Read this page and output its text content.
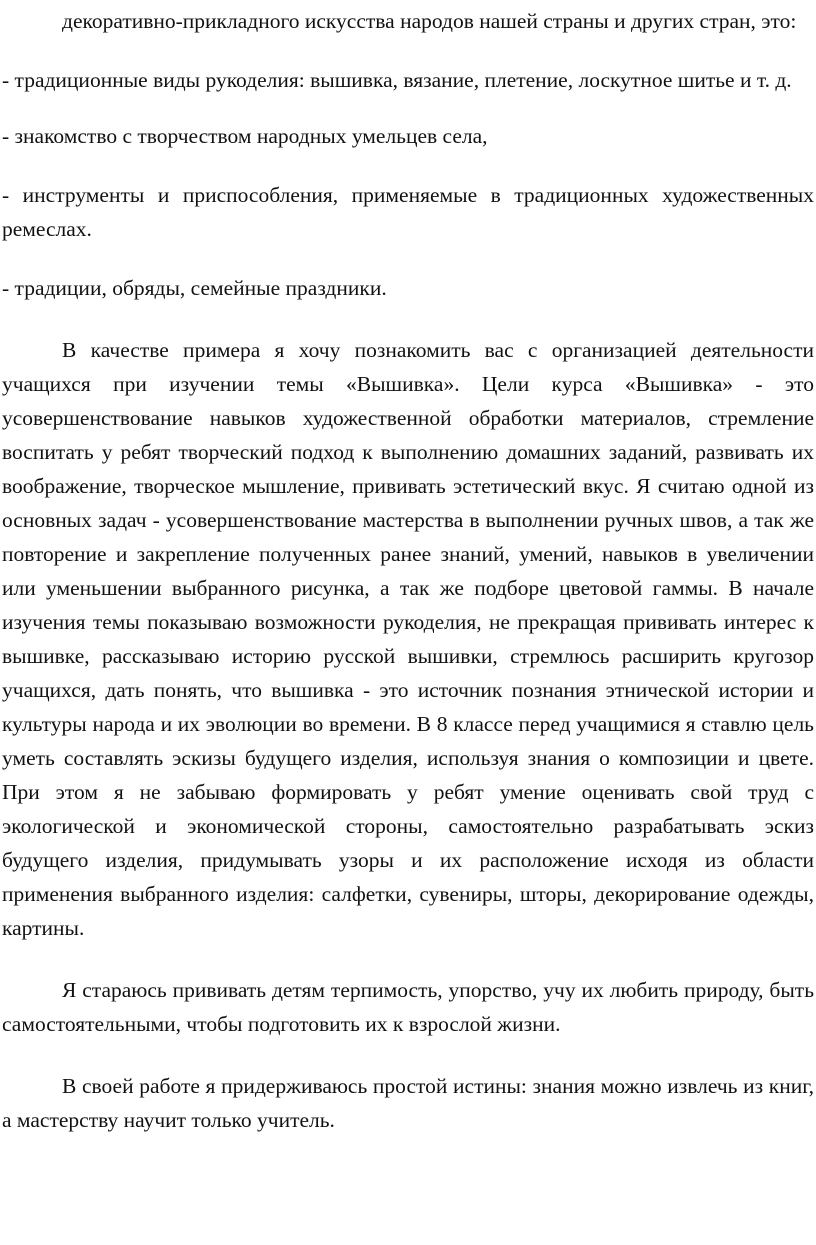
декоративно-прикладного искусства народов нашей страны и других стран, это:

- традиционные виды рукоделия: вышивка, вязание, плетение, лоскутное шитье и т. д.

- знакомство с творчеством народных умельцев села,

- инструменты и приспособления, применяемые в традиционных художественных ремеслах.

- традиции, обряды, семейные праздники.

В качестве примера я хочу познакомить вас с организацией деятельности учащихся при изучении темы «Вышивка». Цели курса «Вышивка» - это усовершенствование навыков художественной обработки материалов, стремление воспитать у ребят творческий подход к выполнению домашних заданий, развивать их воображение, творческое мышление, прививать эстетический вкус. Я считаю одной из основных задач - усовершенствование мастерства в выполнении ручных швов, а так же повторение и закрепление полученных ранее знаний, умений, навыков в увеличении или уменьшении выбранного рисунка, а так же подборе цветовой гаммы. В начале изучения темы показываю возможности рукоделия, не прекращая прививать интерес к вышивке, рассказываю историю русской вышивки, стремлюсь расширить кругозор учащихся, дать понять, что вышивка - это источник познания этнической истории и культуры народа и их эволюции во времени. В 8 классе перед учащимися я ставлю цель уметь составлять эскизы будущего изделия, используя знания о композиции и цвете. При этом я не забываю формировать у ребят умение оценивать свой труд с экологической и экономической стороны, самостоятельно разрабатывать эскиз будущего изделия, придумывать узоры и их расположение исходя из области применения выбранного изделия: салфетки, сувениры, шторы, декорирование одежды, картины.

Я стараюсь прививать детям терпимость, упорство, учу их любить природу, быть самостоятельными, чтобы подготовить их к взрослой жизни.

В своей работе я придерживаюсь простой истины: знания можно извлечь из книг, а мастерству научит только учитель.
